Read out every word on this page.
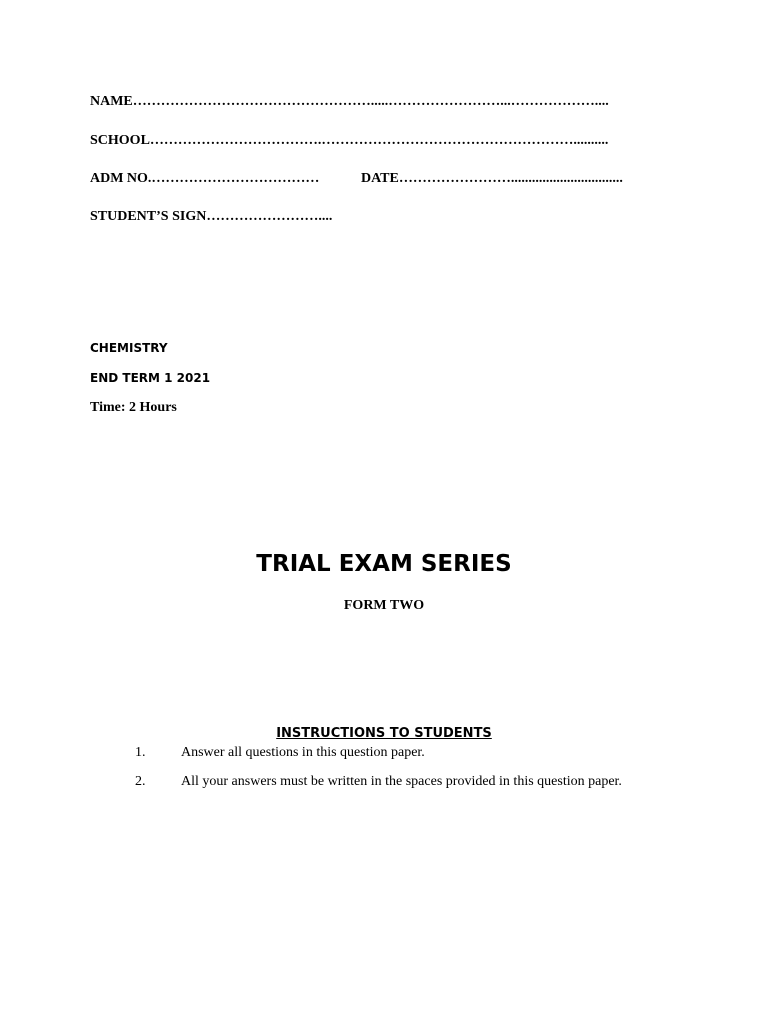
NAME…………………………………………….....……………………...………………....
SCHOOL……………………………….………………………………………………..........
ADM NO.………………………………	DATE……………………................................
STUDENT’S SIGN……………………....
CHEMISTRY
END TERM 1 2021
Time: 2 Hours
TRIAL EXAM SERIES
FORM TWO
INSTRUCTIONS TO STUDENTS
1.	Answer all questions in this question paper.
2.	All your answers must be written in the spaces provided in this question paper.
